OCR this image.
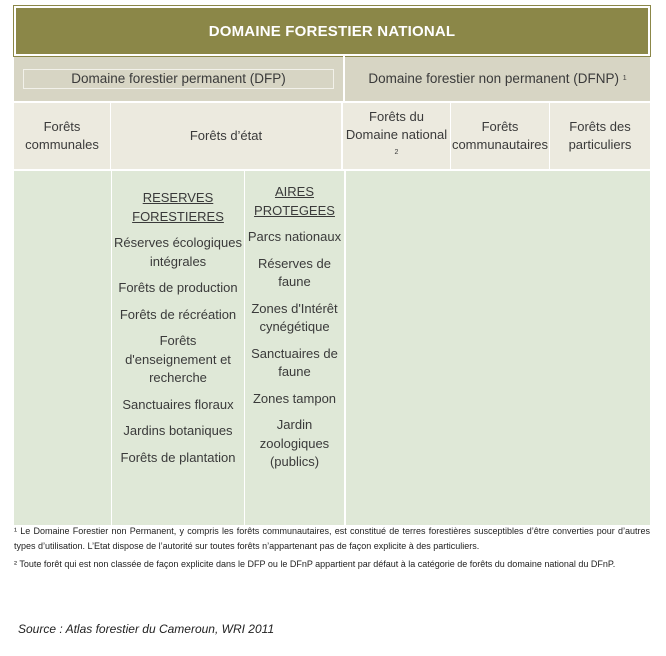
DOMAINE FORESTIER NATIONAL
Domaine forestier permanent (DFP)	Domaine forestier non permanent (DFNP)
1
Forêts communales
Forêts d’état
Forêts du Domaine national $^2$
Forêts communautaires
Forêts des particuliers
RESERVES FORESTIERES
Réserves écologiques intégrales
Forêts de production
Forêts de récréation
Forêts d'enseignement et recherche
Sanctuaires floraux
Jardins botaniques
Forêts de plantation
AIRES PROTEGEES
Parcs nationaux
Réserves de faune
Zones d'Intérêt cynégétique
Sanctuaires de faune
Zones tampon
Jardin zoologiques (publics)

¹ Le Domaine Forestier non Permanent, y compris les forêts communautaires, est constitué de terres forestières susceptibles d’être converties pour d’autres types d’utilisation. L’Etat dispose de l’autorité sur toutes forêts n’appartenant pas de façon explicite à des particuliers.

² Toute forêt qui est non classée de façon explicite dans le DFP ou le DFnP appartient par défaut à la catégorie de forêts du domaine national du DFnP.

Source : Atlas forestier du Cameroun, WRI 2011
